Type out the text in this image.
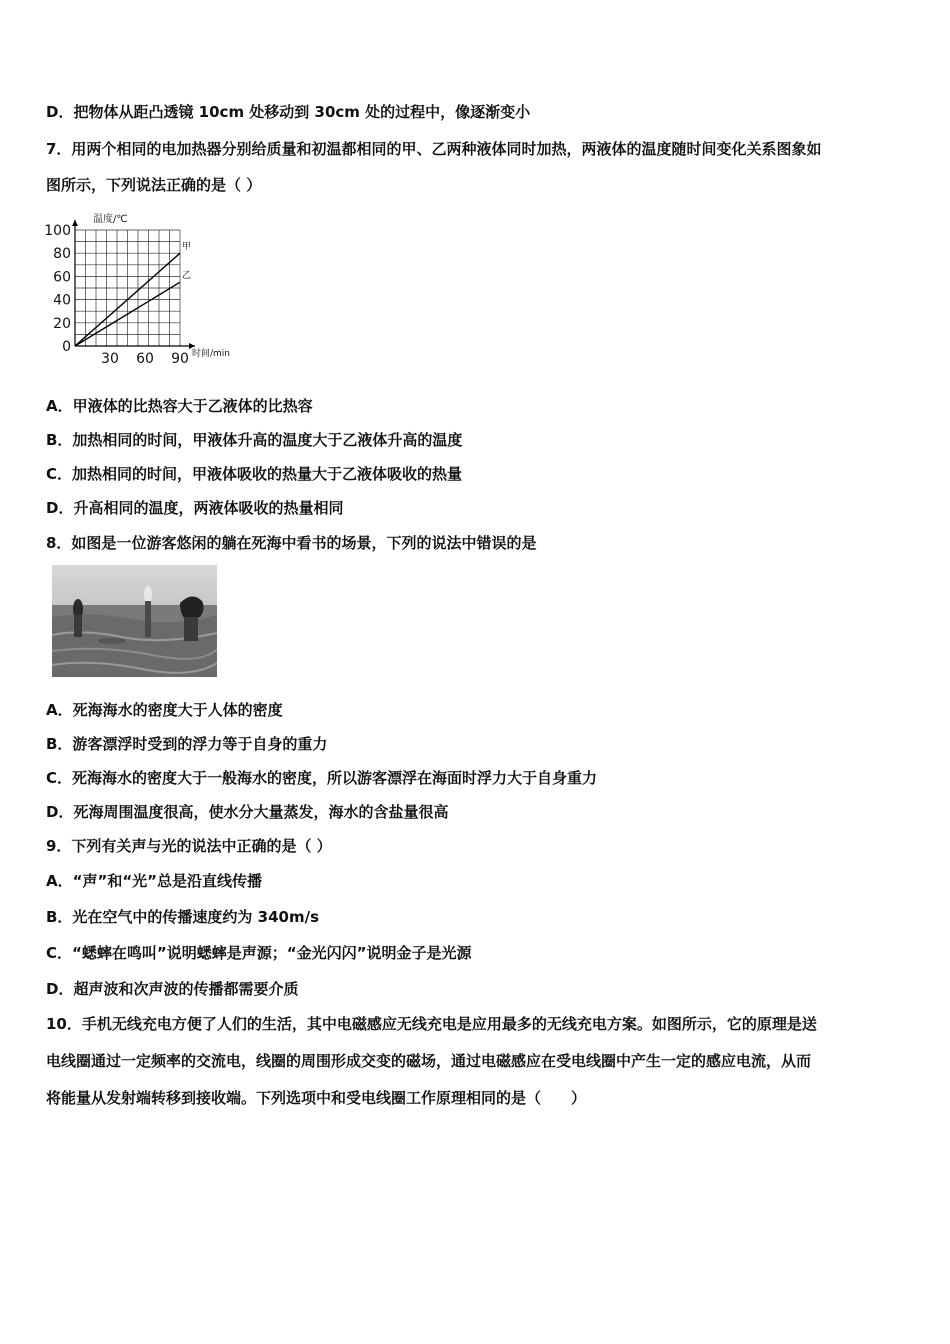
D．把物体从距凸透镜 10cm 处移动到 30cm 处的过程中，像逐渐变小
7．用两个相同的电加热器分别给质量和初温都相同的甲、乙两种液体同时加热，两液体的温度随时间变化关系图象如
图所示，下列说法正确的是（ ）
100
80
60
40
20
0
30 60 90
温度/℃
时间/min
甲
乙
A．甲液体的比热容大于乙液体的比热容
B．加热相同的时间，甲液体升高的温度大于乙液体升高的温度
C．加热相同的时间，甲液体吸收的热量大于乙液体吸收的热量
D．升高相同的温度，两液体吸收的热量相同
8．如图是一位游客悠闲的躺在死海中看书的场景，下列的说法中错误的是
A．死海海水的密度大于人体的密度
B．游客漂浮时受到的浮力等于自身的重力
C．死海海水的密度大于一般海水的密度，所以游客漂浮在海面时浮力大于自身重力
D．死海周围温度很高，使水分大量蒸发，海水的含盐量很高
9．下列有关声与光的说法中正确的是（ ）
A．“声”和“光”总是沿直线传播
B．光在空气中的传播速度约为 340m/s
C．“蟋蟀在鸣叫”说明蟋蟀是声源；“金光闪闪”说明金子是光源
D．超声波和次声波的传播都需要介质
10．手机无线充电方便了人们的生活，其中电磁感应无线充电是应用最多的无线充电方案。如图所示，它的原理是送
电线圈通过一定频率的交流电，线圈的周围形成交变的磁场，通过电磁感应在受电线圈中产生一定的感应电流，从而
将能量从发射端转移到接收端。下列选项中和受电线圈工作原理相同的是（　　）
